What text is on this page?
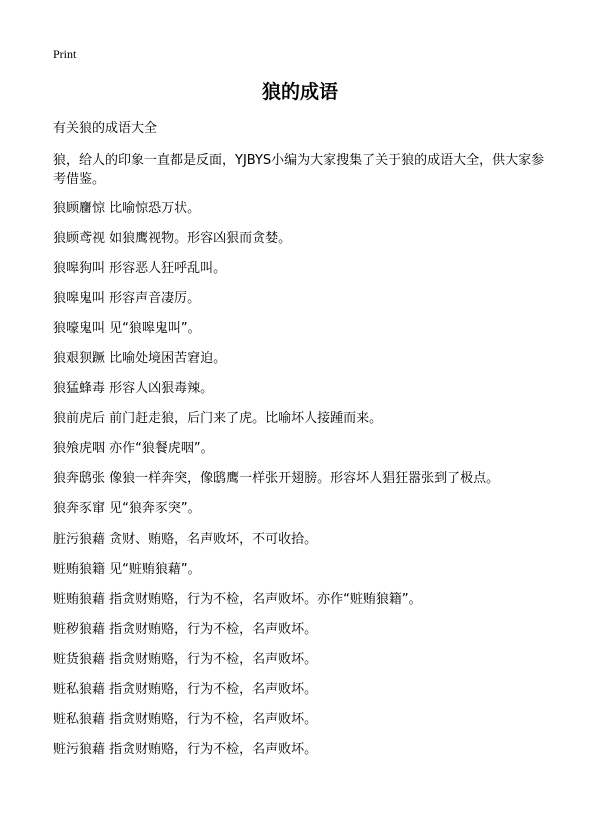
Print
狼的成语
有关狼的成语大全
狼，给人的印象一直都是反面，YJBYS小编为大家搜集了关于狼的成语大全，供大家参考借鉴。
狼顾麕惊 比喻惊恐万状。
狼顾鸢视 如狼鹰视物。形容凶狠而贪婪。
狼嗥狗叫 形容恶人狂呼乱叫。
狼嗥鬼叫 形容声音凄厉。
狼嚎鬼叫 见“狼嗥鬼叫”。
狼艰狈蹶 比喻处境困苦窘迫。
狼猛蜂毒 形容人凶狠毒辣。
狼前虎后 前门赶走狼，后门来了虎。比喻坏人接踵而来。
狼飧虎咽 亦作“狼餐虎咽”。
狼奔鸱张 像狼一样奔突，像鸱鹰一样张开翅膀。形容坏人猖狂嚣张到了极点。
狼奔豕窜 见“狼奔豕突”。
脏污狼藉 贪财、贿赂，名声败坏，不可收拾。
赃贿狼籍 见“赃贿狼藉”。
赃贿狼藉 指贪财贿赂，行为不检，名声败坏。亦作“赃贿狼籍”。
赃秽狼藉 指贪财贿赂，行为不检，名声败坏。
赃货狼藉 指贪财贿赂，行为不检，名声败坏。
赃私狼藉 指贪财贿赂，行为不检，名声败坏。
赃私狼藉 指贪财贿赂，行为不检，名声败坏。
赃污狼藉 指贪财贿赂，行为不检，名声败坏。
